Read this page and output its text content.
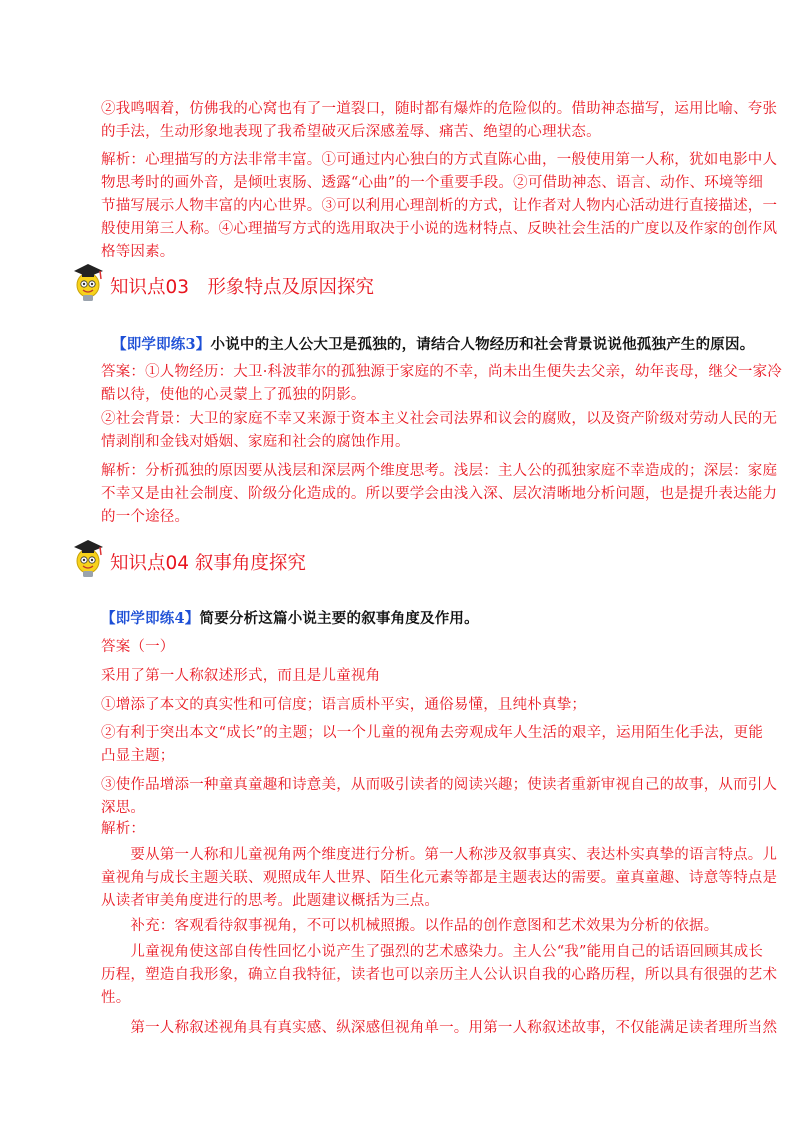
②我鸣咽着，仿佛我的心窝也有了一道裂口，随时都有爆炸的危险似的。借助神态描写，运用比喻、夸张
的手法，生动形象地表现了我希望破灭后深感羞辱、痛苦、绝望的心理状态。
解析：心理描写的方法非常丰富。①可通过内心独白的方式直陈心曲，一般使用第一人称，犹如电影中人
物思考时的画外音，是倾吐衷肠、透露“心曲”的一个重要手段。②可借助神态、语言、动作、环境等细
节描写展示人物丰富的内心世界。③可以利用心理剖析的方式，让作者对人物内心活动进行直接描述，一
般使用第三人称。④心理描写方式的选用取决于小说的选材特点、反映社会生活的广度以及作家的创作风
格等因素。
知识点03　形象特点及原因探究
【即学即练3】小说中的主人公大卫是孤独的，请结合人物经历和社会背景说说他孤独产生的原因。
答案：①人物经历：大卫·科波菲尔的孤独源于家庭的不幸，尚未出生便失去父亲，幼年丧母，继父一家冷
酷以待，使他的心灵蒙上了孤独的阴影。
②社会背景：大卫的家庭不幸又来源于资本主义社会司法界和议会的腐败，以及资产阶级对劳动人民的无
情剥削和金钱对婚姻、家庭和社会的腐蚀作用。
解析：分析孤独的原因要从浅层和深层两个维度思考。浅层：主人公的孤独家庭不幸造成的；深层：家庭
不幸又是由社会制度、阶级分化造成的。所以要学会由浅入深、层次清晰地分析问题，也是提升表达能力
的一个途径。
知识点04 叙事角度探究
【即学即练4】简要分析这篇小说主要的叙事角度及作用。
答案（一）
采用了第一人称叙述形式，而且是儿童视角
①增添了本文的真实性和可信度；语言质朴平实，通俗易懂，且纯朴真挚；
②有利于突出本文“成长”的主题；以一个儿童的视角去旁观成年人生活的艰辛，运用陌生化手法，更能
凸显主题；
③使作品增添一种童真童趣和诗意美，从而吸引读者的阅读兴趣；使读者重新审视自己的故事，从而引人
深思。
解析：
　　要从第一人称和儿童视角两个维度进行分析。第一人称涉及叙事真实、表达朴实真挚的语言特点。儿
童视角与成长主题关联、观照成年人世界、陌生化元素等都是主题表达的需要。童真童趣、诗意等特点是
从读者审美角度进行的思考。此题建议概括为三点。
　　补充：客观看待叙事视角，不可以机械照搬。以作品的创作意图和艺术效果为分析的依据。
　　儿童视角使这部自传性回忆小说产生了强烈的艺术感染力。主人公“我”能用自己的话语回顾其成长
历程，塑造自我形象，确立自我特征，读者也可以亲历主人公认识自我的心路历程，所以具有很强的艺术
性。
　　第一人称叙述视角具有真实感、纵深感但视角单一。用第一人称叙述故事，不仅能满足读者理所当然
